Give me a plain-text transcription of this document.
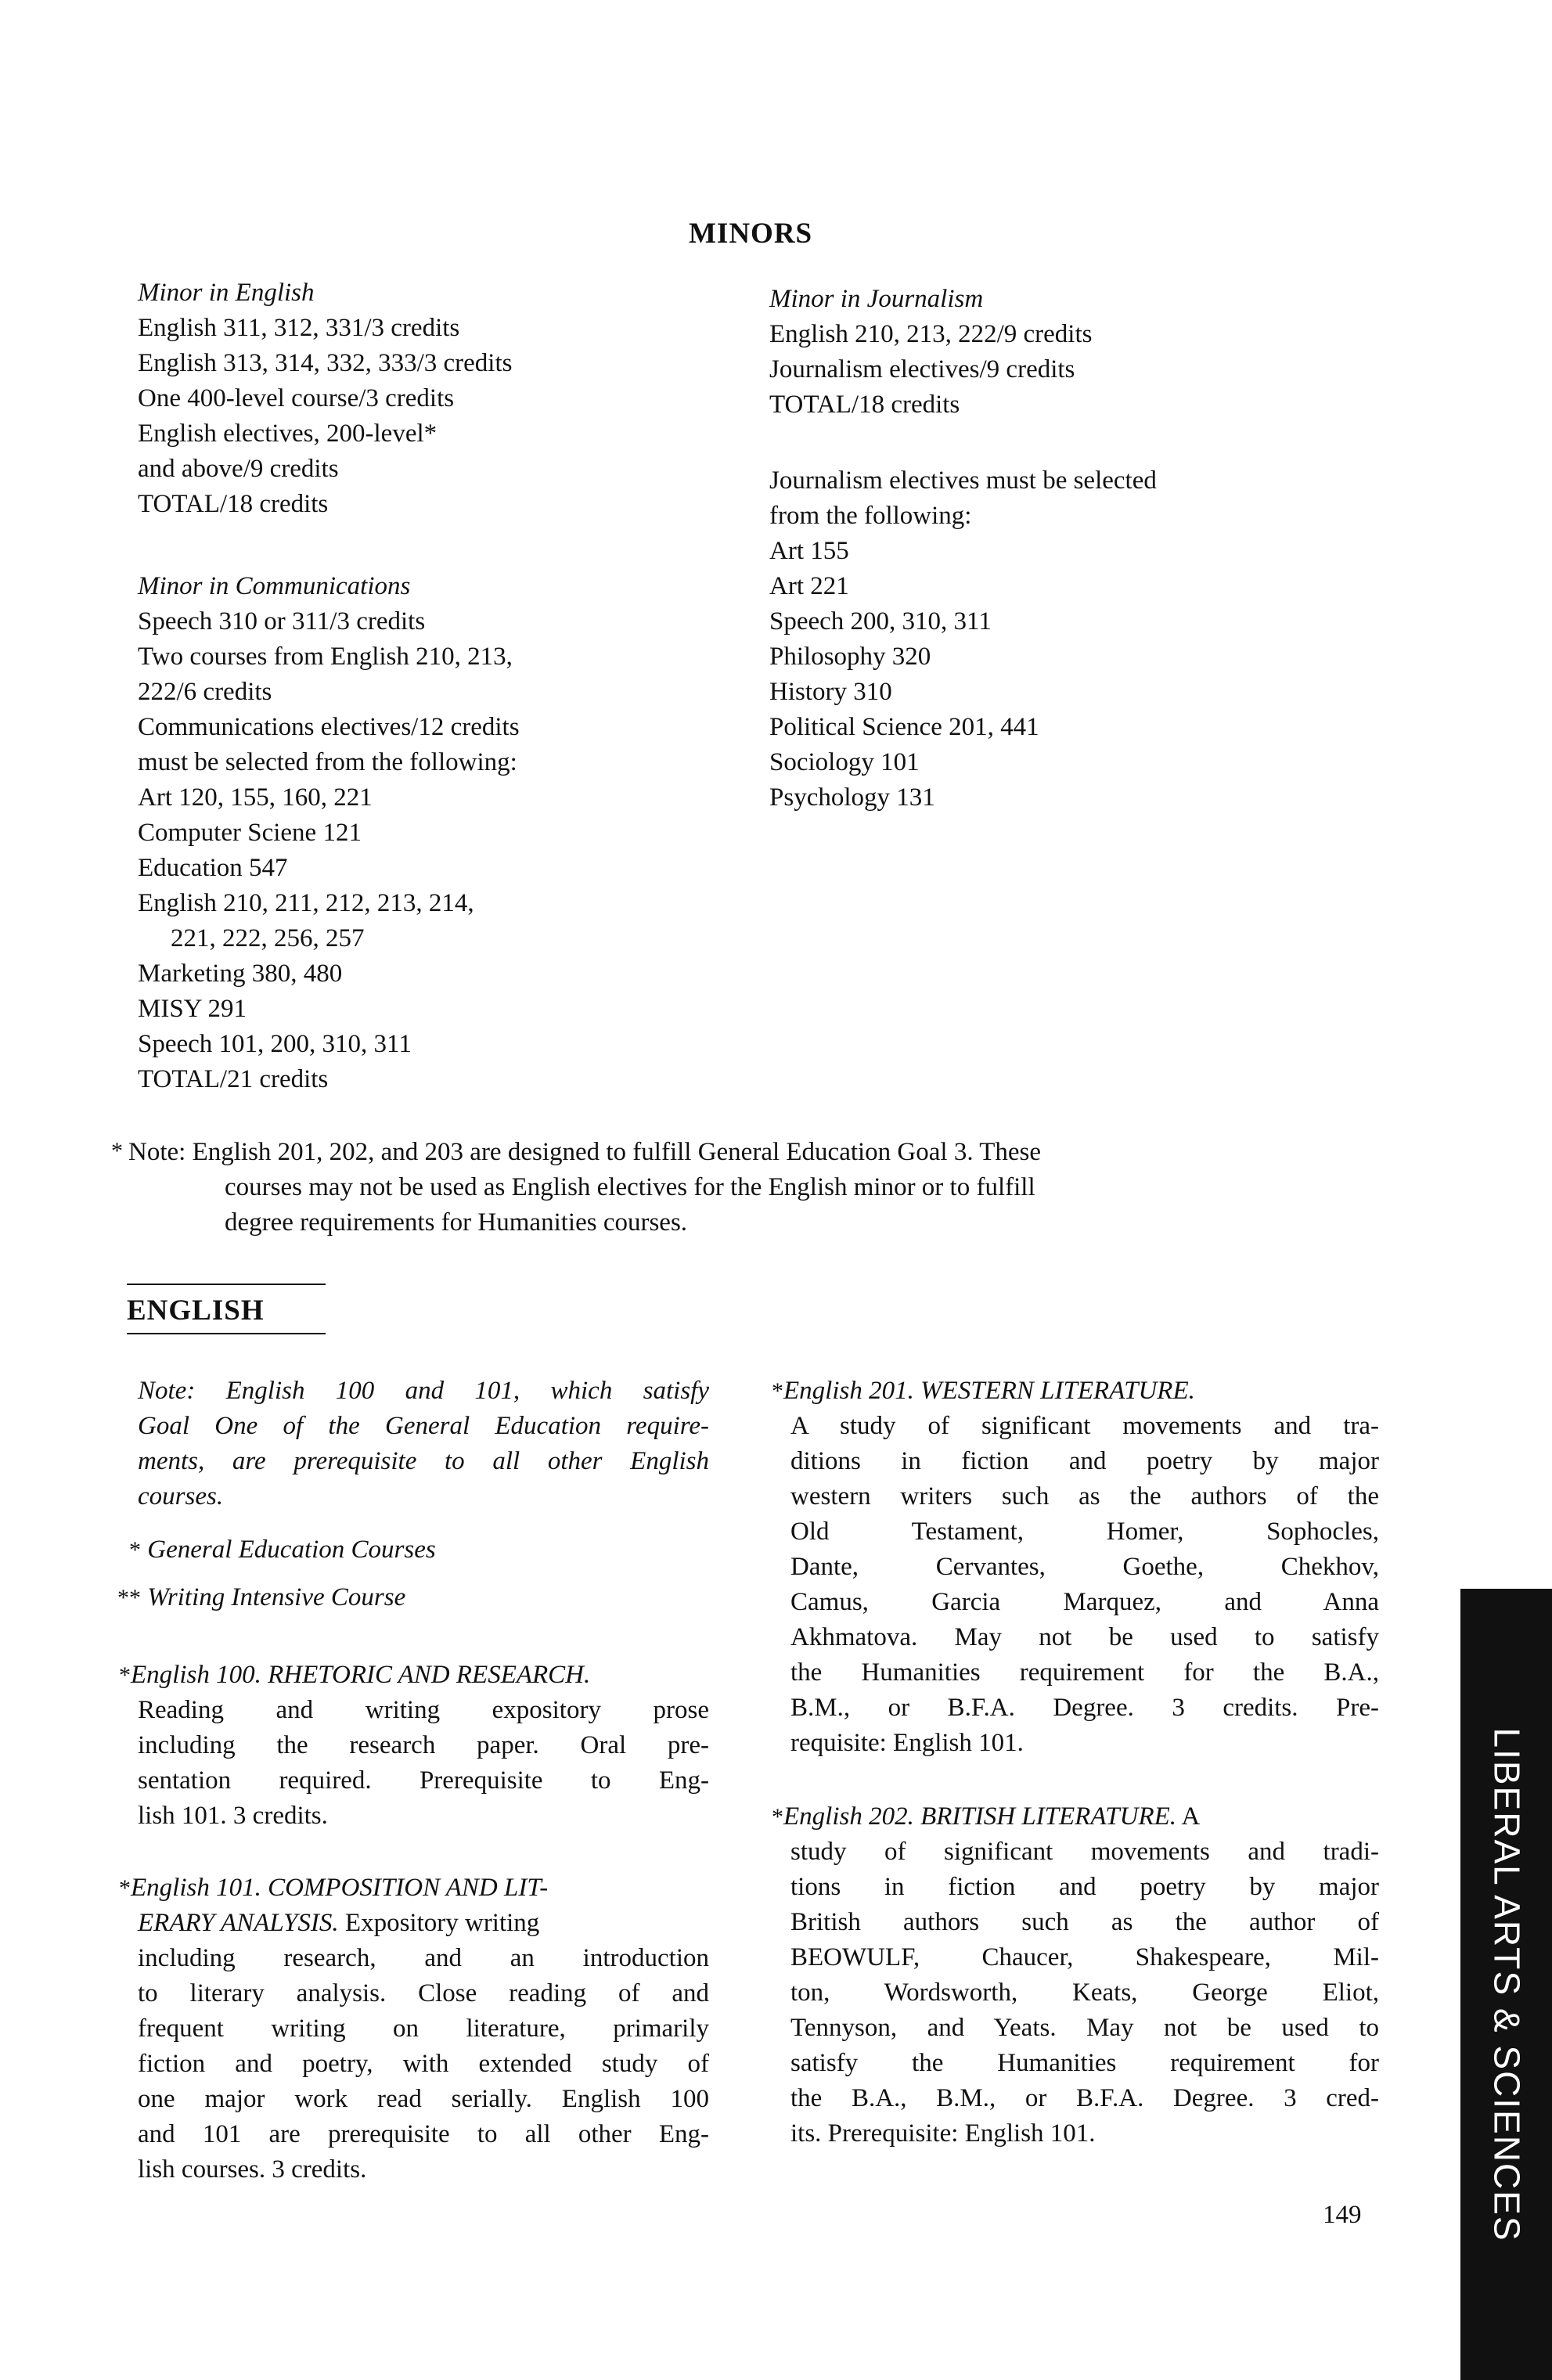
MINORS
Minor in English
English 311, 312, 331/3 credits
English 313, 314, 332, 333/3 credits
One 400-level course/3 credits
English electives, 200-level*
and above/9 credits
TOTAL/18 credits
Minor in Communications
Speech 310 or 311/3 credits
Two courses from English 210, 213,
222/6 credits
Communications electives/12 credits
must be selected from the following:
Art 120, 155, 160, 221
Computer Sciene 121
Education 547
English 210, 211, 212, 213, 214,
221, 222, 256, 257
Marketing 380, 480
MISY 291
Speech 101, 200, 310, 311
TOTAL/21 credits
Minor in Journalism
English 210, 213, 222/9 credits
Journalism electives/9 credits
TOTAL/18 credits
Journalism electives must be selected
from the following:
Art 155
Art 221
Speech 200, 310, 311
Philosophy 320
History 310
Political Science 201, 441
Sociology 101
Psychology 131
* Note: English 201, 202, and 203 are designed to fulfill General Education Goal 3. These
courses may not be used as English electives for the English minor or to fulfill
degree requirements for Humanities courses.
ENGLISH
Note: English 100 and 101, which satisfy
Goal One of the General Education require-
ments, are prerequisite to all other English
courses.
* General Education Courses
** Writing Intensive Course
*English 100. RHETORIC AND RESEARCH.
Reading and writing expository prose
including the research paper. Oral pre-
sentation required. Prerequisite to Eng-
lish 101. 3 credits.
*English 101. COMPOSITION AND LIT-
ERARY ANALYSIS. Expository writing
including research, and an introduction
to literary analysis. Close reading of and
frequent writing on literature, primarily
fiction and poetry, with extended study of
one major work read serially. English 100
and 101 are prerequisite to all other Eng-
lish courses. 3 credits.
*English 201. WESTERN LITERATURE.
A study of significant movements and tra-
ditions in fiction and poetry by major
western writers such as the authors of the
Old Testament, Homer, Sophocles,
Dante, Cervantes, Goethe, Chekhov,
Camus, Garcia Marquez, and Anna
Akhmatova. May not be used to satisfy
the Humanities requirement for the B.A.,
B.M., or B.F.A. Degree. 3 credits. Pre-
requisite: English 101.
*English 202. BRITISH LITERATURE. A
study of significant movements and tradi-
tions in fiction and poetry by major
British authors such as the author of
BEOWULF, Chaucer, Shakespeare, Mil-
ton, Wordsworth, Keats, George Eliot,
Tennyson, and Yeats. May not be used to
satisfy the Humanities requirement for
the B.A., B.M., or B.F.A. Degree. 3 cred-
its. Prerequisite: English 101.
149	LIBERAL ARTS & SCIENCES
